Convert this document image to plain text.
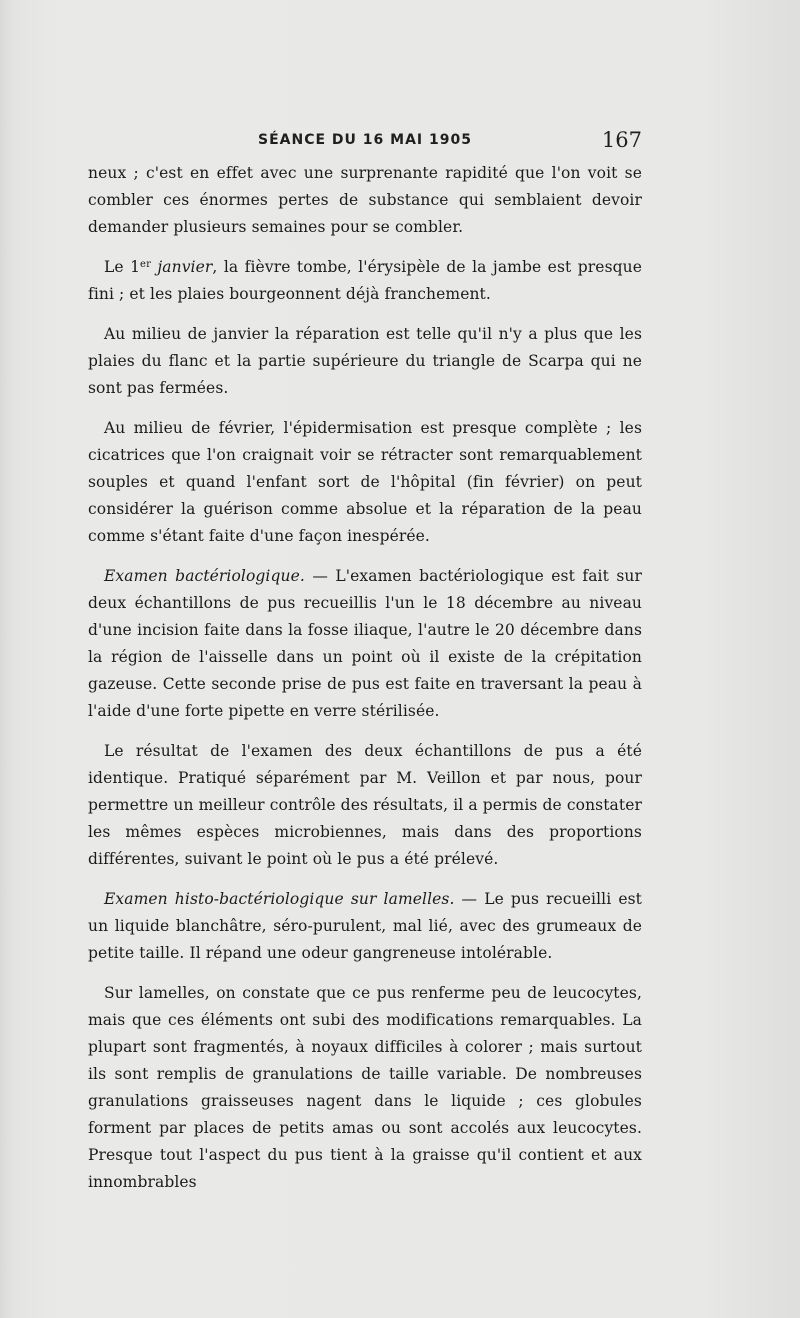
SÉANCE DU 16 MAI 1905	167

neux ; c'est en effet avec une surprenante rapidité que l'on voit se combler ces énormes pertes de substance qui semblaient devoir demander plusieurs semaines pour se combler.

Le 1er janvier, la fièvre tombe, l'érysipèle de la jambe est presque fini ; et les plaies bourgeonnent déjà franchement.

Au milieu de janvier la réparation est telle qu'il n'y a plus que les plaies du flanc et la partie supérieure du triangle de Scarpa qui ne sont pas fermées.

Au milieu de février, l'épidermisation est presque complète ; les cicatrices que l'on craignait voir se rétracter sont remarquablement souples et quand l'enfant sort de l'hôpital (fin février) on peut considérer la guérison comme absolue et la réparation de la peau comme s'étant faite d'une façon inespérée.

Examen bactériologique. — L'examen bactériologique est fait sur deux échantillons de pus recueillis l'un le 18 décembre au niveau d'une incision faite dans la fosse iliaque, l'autre le 20 décembre dans la région de l'aisselle dans un point où il existe de la crépitation gazeuse. Cette seconde prise de pus est faite en traversant la peau à l'aide d'une forte pipette en verre stérilisée.

Le résultat de l'examen des deux échantillons de pus a été identique. Pratiqué séparément par M. Veillon et par nous, pour permettre un meilleur contrôle des résultats, il a permis de constater les mêmes espèces microbiennes, mais dans des proportions différentes, suivant le point où le pus a été prélevé.

Examen histo-bactériologique sur lamelles. — Le pus recueilli est un liquide blanchâtre, séro-purulent, mal lié, avec des grumeaux de petite taille. Il répand une odeur gangreneuse intolérable.

Sur lamelles, on constate que ce pus renferme peu de leucocytes, mais que ces éléments ont subi des modifications remarquables. La plupart sont fragmentés, à noyaux difficiles à colorer ; mais surtout ils sont remplis de granulations de taille variable. De nombreuses granulations graisseuses nagent dans le liquide ; ces globules forment par places de petits amas ou sont accolés aux leucocytes. Presque tout l'aspect du pus tient à la graisse qu'il contient et aux innombrables
